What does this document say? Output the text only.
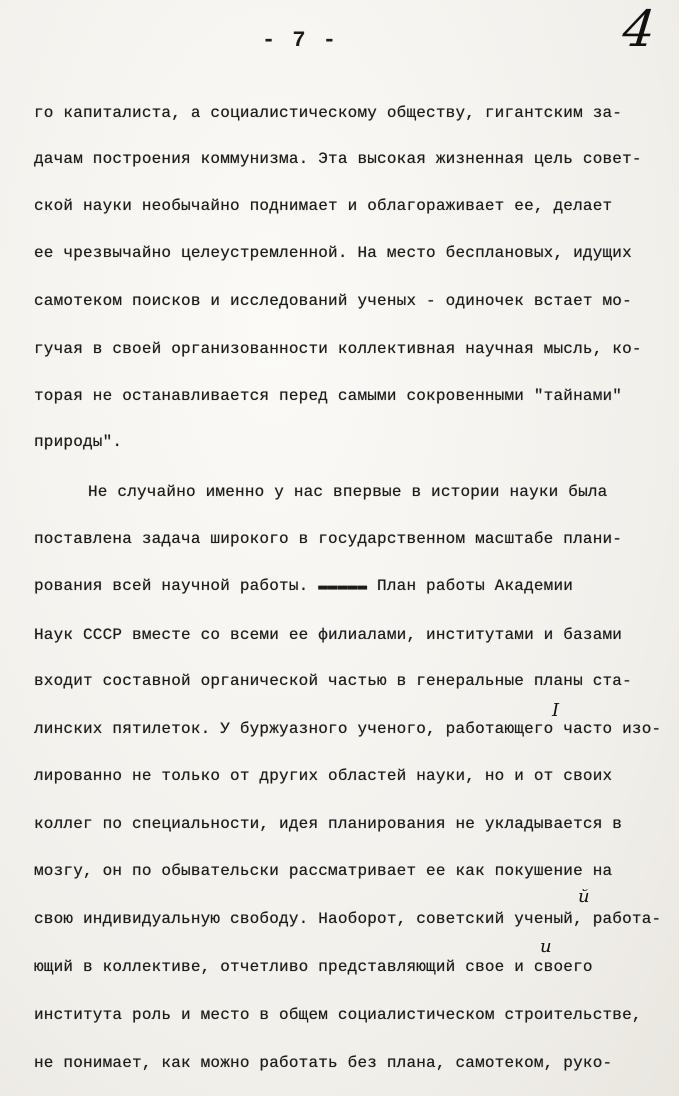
- 7 -	4
го капиталиста, а социалистическому обществу, гигантским за-
дачам построения коммунизма. Эта высокая жизненная цель совет-
ской науки необычайно поднимает и облагораживает ее, делает
ее чрезвычайно целеустремленной. На место бесплановых, идущих
самотеком поисков и исследований ученых - одиночек встает мо-
гучая в своей организованности коллективная научная мысль, ко-
торая не останавливается перед самыми сокровенными "тайнами"
природы".
Не случайно именно у нас впервые в истории науки была
поставлена задача широкого в государственном масштабе плани-
рования всей научной работы. ▬▬▬▬▬ План работы Академии
Наук СССР вместе со всеми ее филиалами, институтами и базами
входит составной органической частью в генеральные планы ста-
линских пятилеток. У буржуазного ученого, работающего часто изо-
лированно не только от других областей науки, но и от своих
коллег по специальности, идея планирования не укладывается в
мозгу, он по обывательски рассматривает ее как покушение на
свою индивидуальную свободу. Наоборот, советский ученый, работа-
ющий в коллективе, отчетливо представляющий свое и своего
института роль и место в общем социалистическом строительстве,
не понимает, как можно работать без плана, самотеком, руко-
I
й
и
